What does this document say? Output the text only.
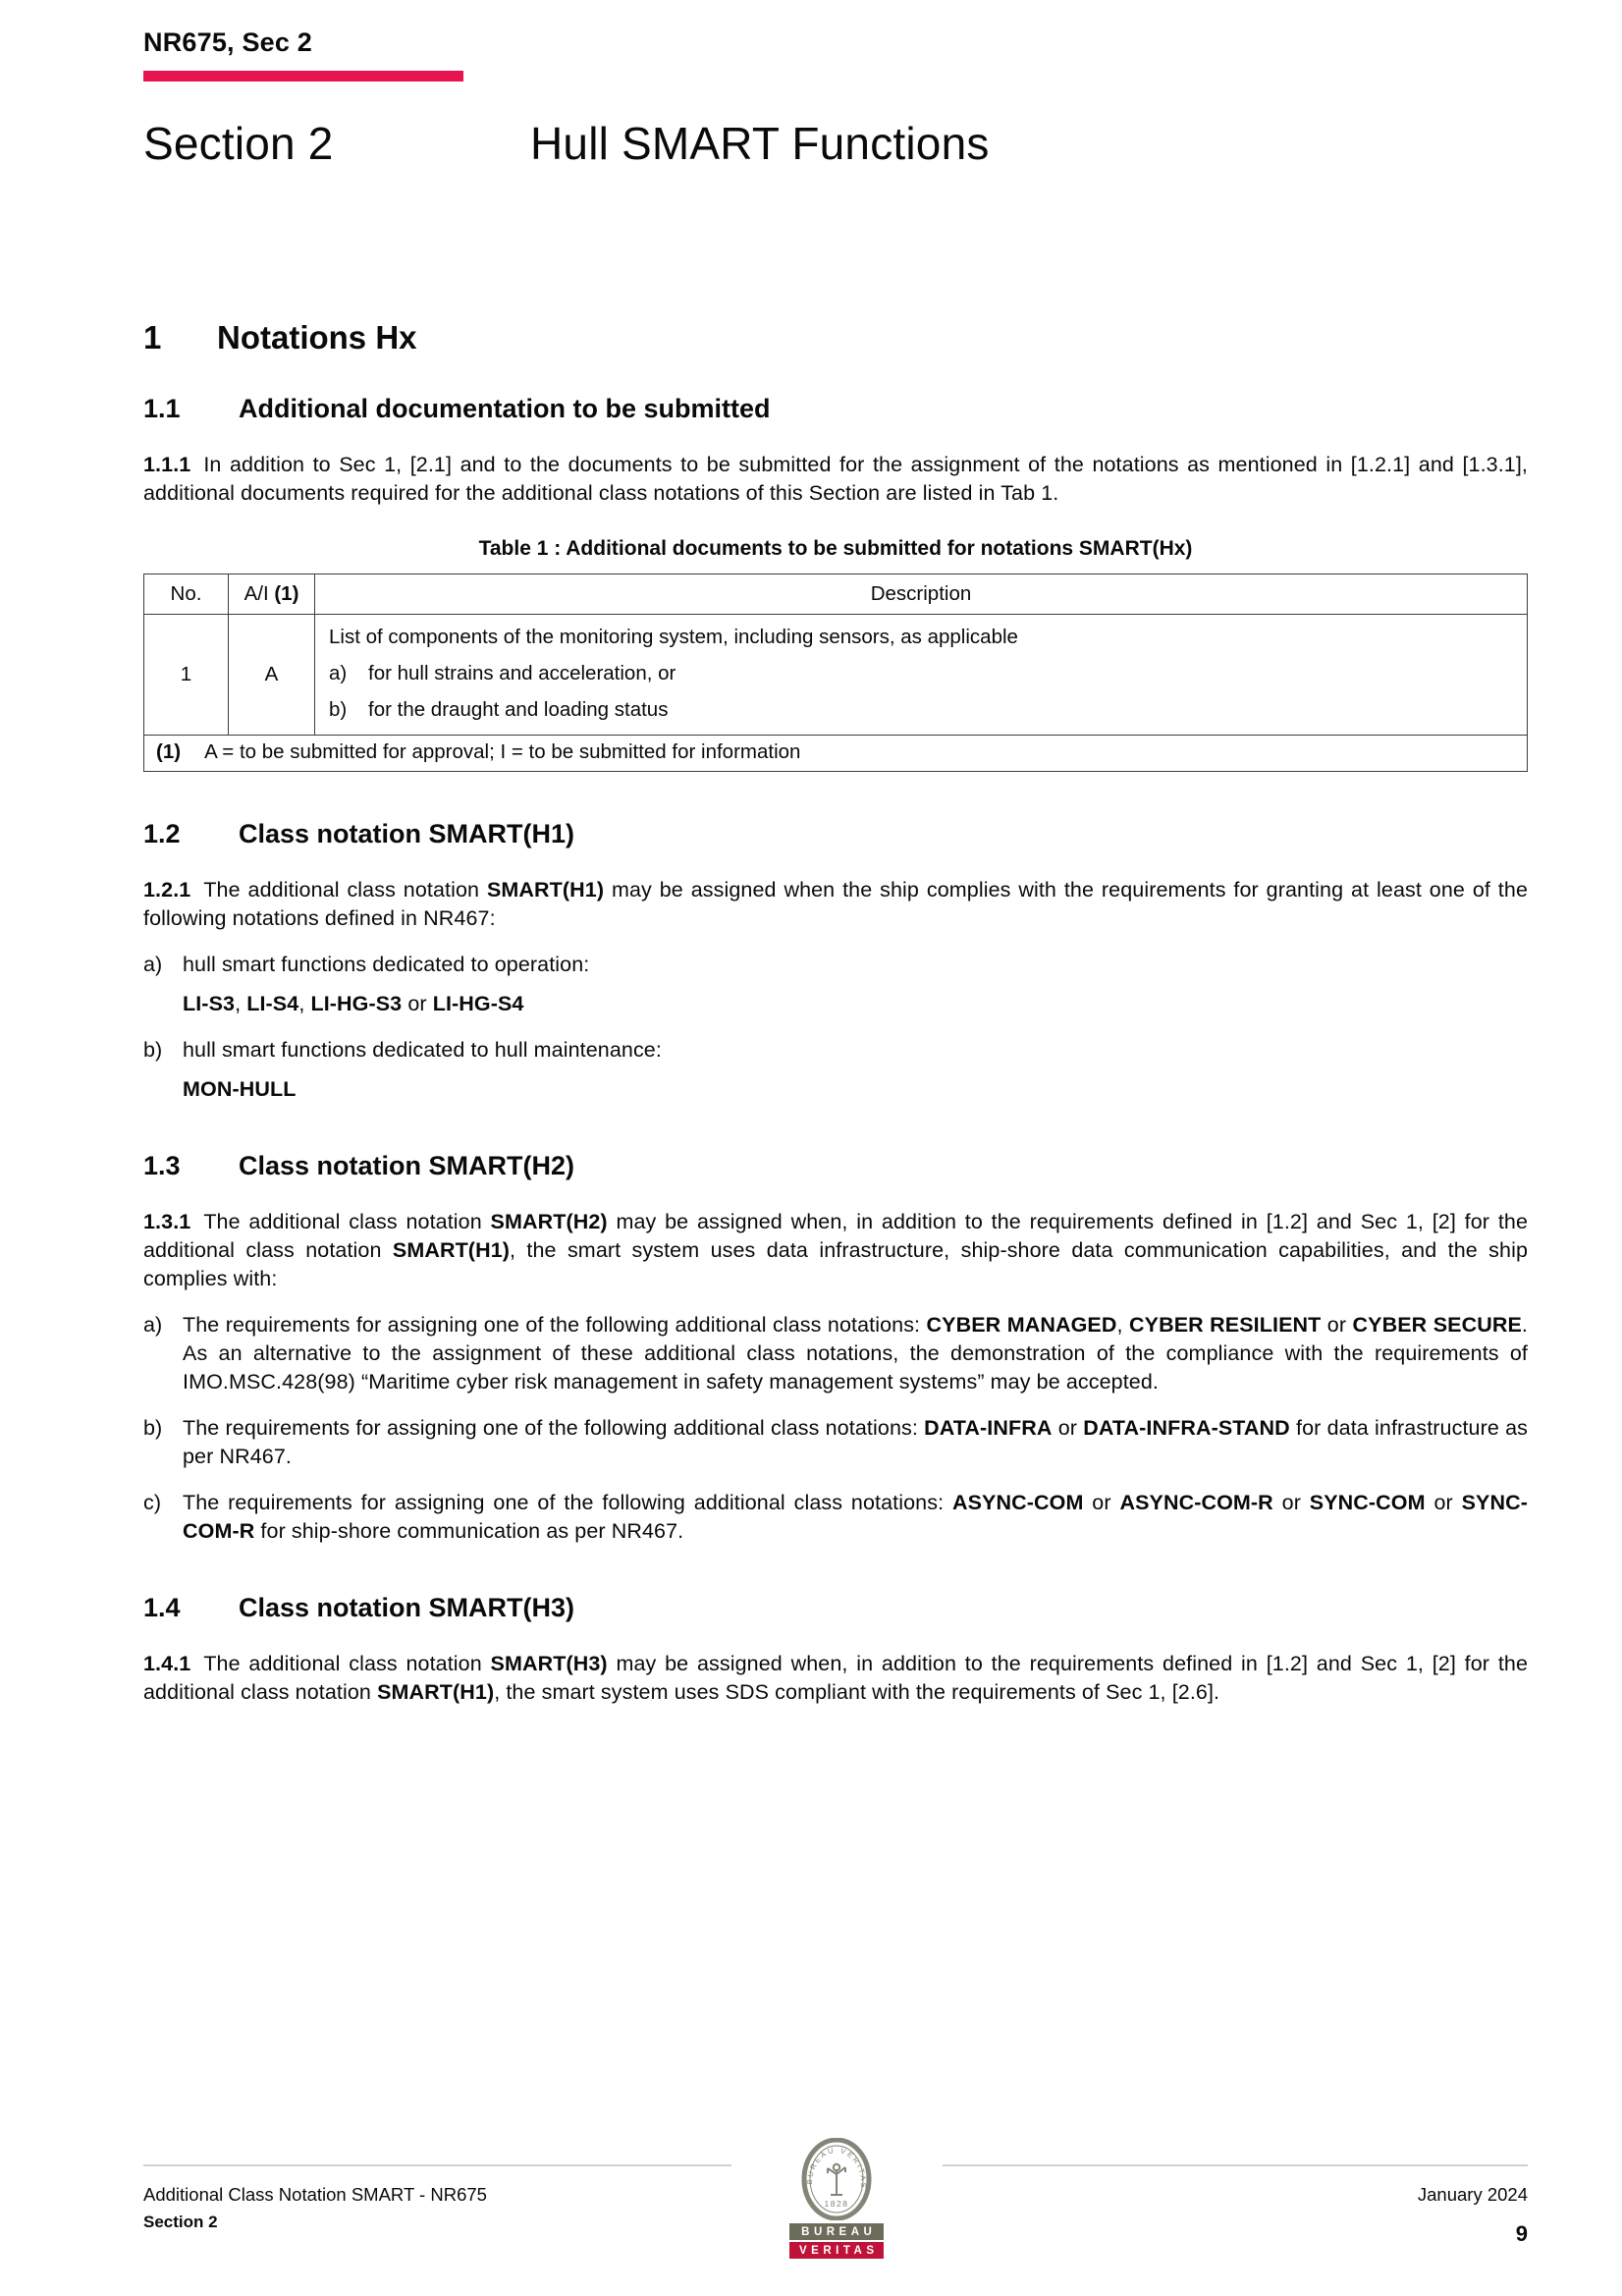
NR675, Sec 2
Section 2	Hull SMART Functions
1	Notations Hx
1.1	Additional documentation to be submitted

1.1.1 In addition to Sec 1, [2.1] and to the documents to be submitted for the assignment of the notations as mentioned in [1.2.1] and [1.3.1], additional documents required for the additional class notations of this Section are listed in Tab 1.

Table 1 : Additional documents to be submitted for notations SMART(Hx)
No.	A/I (1)	Description
1	A	List of components of the monitoring system, including sensors, as applicable
a) for hull strains and acceleration, or
b) for the draught and loading status

(1) A = to be submitted for approval; I = to be submitted for information		
1.2	Class notation SMART(H1)

1.2.1 The additional class notation SMART(H1) may be assigned when the ship complies with the requirements for granting at least one of the following notations defined in NR467:

a) hull smart functions dedicated to operation:
LI-S3, LI-S4, LI-HG-S3 or LI-HG-S4
b) hull smart functions dedicated to hull maintenance:
MON-HULL
1.3	Class notation SMART(H2)

1.3.1 The additional class notation SMART(H2) may be assigned when, in addition to the requirements defined in [1.2] and Sec 1, [2] for the additional class notation SMART(H1), the smart system uses data infrastructure, ship-shore data communication capabilities, and the ship complies with:

a) The requirements for assigning one of the following additional class notations: CYBER MANAGED, CYBER RESILIENT or CYBER SECURE. As an alternative to the assignment of these additional class notations, the demonstration of the compliance with the requirements of IMO.MSC.428(98) “Maritime cyber risk management in safety management systems” may be accepted.
b) The requirements for assigning one of the following additional class notations: DATA-INFRA or DATA-INFRA-STAND for data infrastructure as per NR467.
c)	The requirements for assigning one of the following additional class notations: ASYNC-COM or ASYNC-COM-R or SYNC-COM or SYNC-COM-R for ship-shore communication as per NR467.
1.4	Class notation SMART(H3)

1.4.1 The additional class notation SMART(H3) may be assigned when, in addition to the requirements defined in [1.2] and Sec 1, [2] for the additional class notation SMART(H1), the smart system uses SDS compliant with the requirements of Sec 1, [2.6].

Additional Class Notation SMART - NR675
Section 2
January 2024
9
BUREAU VERITAS
1828
BUREAU
VERITAS
